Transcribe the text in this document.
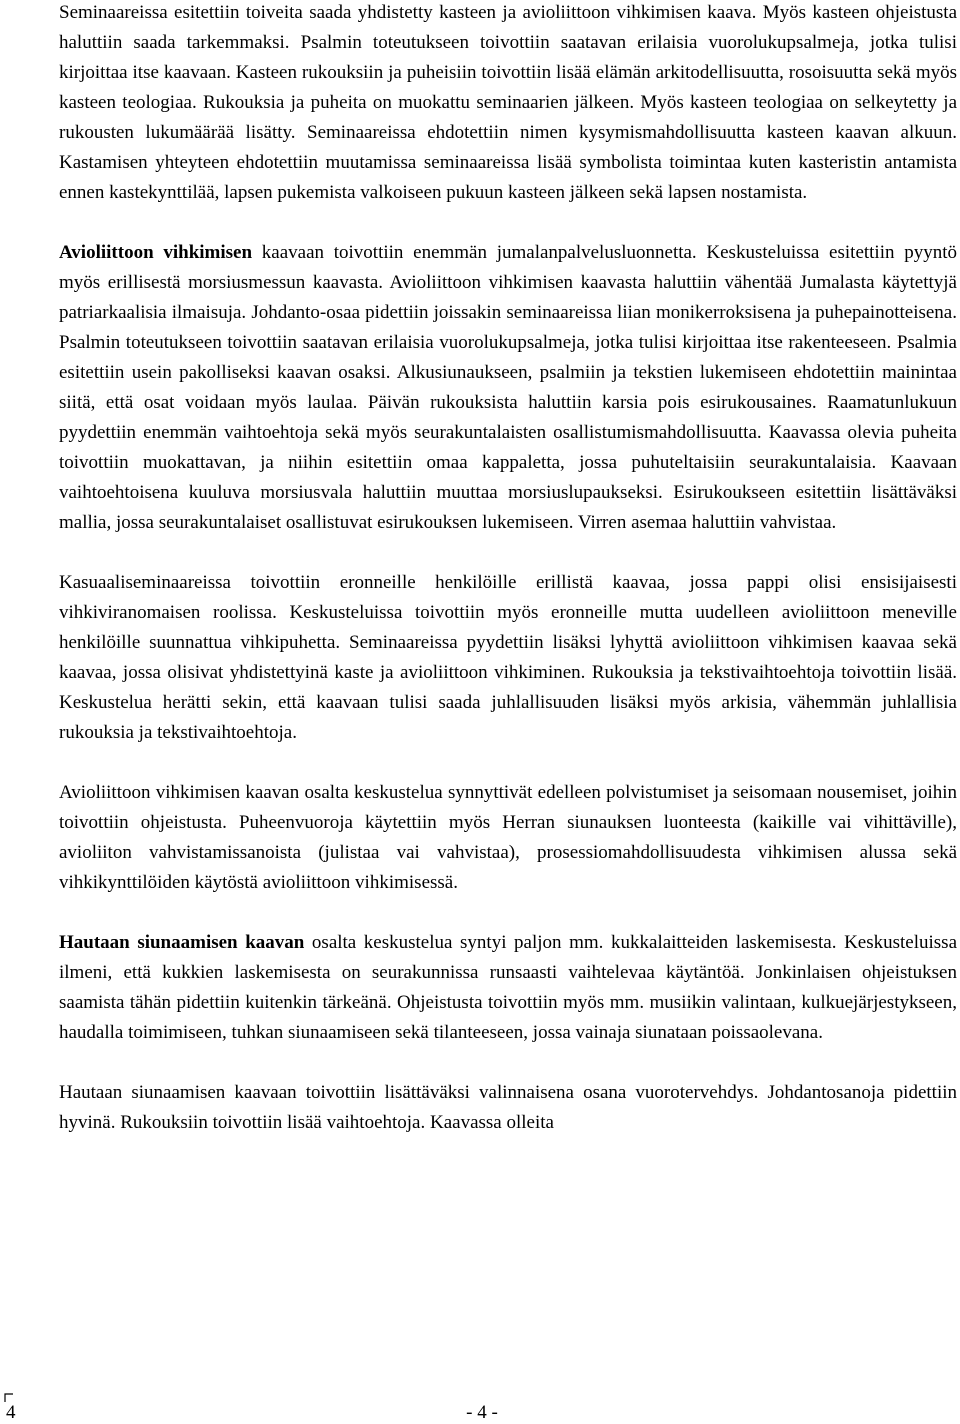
Seminaareissa esitettiin toiveita saada yhdistetty kasteen ja avioliittoon vihkimisen kaava. Myös kasteen ohjeistusta haluttiin saada tarkemmaksi. Psalmin toteutukseen toivottiin saatavan erilaisia vuorolukupsalmeja, jotka tulisi kirjoittaa itse kaavaan. Kasteen rukouksiin ja puheisiin toivottiin lisää elämän arkitodellisuutta, rosoisuutta sekä myös kasteen teologiaa. Rukouksia ja puheita on muokattu seminaarien jälkeen. Myös kasteen teologiaa on selkeytetty ja rukousten lukumäärää lisätty. Seminaareissa ehdotettiin nimen kysymismahdollisuutta kasteen kaavan alkuun. Kastamisen yhteyteen ehdotettiin muutamissa seminaareissa lisää symbolista toimintaa kuten kasteristin antamista ennen kastekynttilää, lapsen pukemista valkoiseen pukuun kasteen jälkeen sekä lapsen nostamista.

Avioliittoon vihkimisen kaavaan toivottiin enemmän jumalanpalvelusluonnetta. Keskusteluissa esitettiin pyyntö myös erillisestä morsiusmessun kaavasta. Avioliittoon vihkimisen kaavasta haluttiin vähentää Jumalasta käytettyjä patriarkaalisia ilmaisuja. Johdanto-osaa pidettiin joissakin seminaareissa liian monikerroksisena ja puhepainotteisena. Psalmin toteutukseen toivottiin saatavan erilaisia vuorolukupsalmeja, jotka tulisi kirjoittaa itse rakenteeseen. Psalmia esitettiin usein pakolliseksi kaavan osaksi. Alkusiunaukseen, psalmiin ja tekstien lukemiseen ehdotettiin mainintaa siitä, että osat voidaan myös laulaa. Päivän rukouksista haluttiin karsia pois esirukousaines. Raamatunlukuun pyydettiin enemmän vaihtoehtoja sekä myös seurakuntalaisten osallistumismahdollisuutta. Kaavassa olevia puheita toivottiin muokattavan, ja niihin esitettiin omaa kappaletta, jossa puhuteltaisiin seurakuntalaisia. Kaavaan vaihtoehtoisena kuuluva morsiusvala haluttiin muuttaa morsiuslupaukseksi. Esirukoukseen esitettiin lisättäväksi mallia, jossa seurakuntalaiset osallistuvat esirukouksen lukemiseen. Virren asemaa haluttiin vahvistaa.

Kasuaaliseminaareissa toivottiin eronneille henkilöille erillistä kaavaa, jossa pappi olisi ensisijaisesti vihkiviranomaisen roolissa. Keskusteluissa toivottiin myös eronneille mutta uudelleen avioliittoon meneville henkilöille suunnattua vihkipuhetta. Seminaareissa pyydettiin lisäksi lyhyttä avioliittoon vihkimisen kaavaa sekä kaavaa, jossa olisivat yhdistettyinä kaste ja avioliittoon vihkiminen. Rukouksia ja tekstivaihtoehtoja toivottiin lisää. Keskustelua herätti sekin, että kaavaan tulisi saada juhlallisuuden lisäksi myös arkisia, vähemmän juhlallisia rukouksia ja tekstivaihtoehtoja.

Avioliittoon vihkimisen kaavan osalta keskustelua synnyttivät edelleen polvistumiset ja seisomaan nousemiset, joihin toivottiin ohjeistusta. Puheenvuoroja käytettiin myös Herran siunauksen luonteesta (kaikille vai vihittäville), avioliiton vahvistamissanoista (julistaa vai vahvistaa), prosessiomahdollisuudesta vihkimisen alussa sekä vihkikynttilöiden käytöstä avioliittoon vihkimisessä.

Hautaan siunaamisen kaavan osalta keskustelua syntyi paljon mm. kukkalaitteiden laskemisesta. Keskusteluissa ilmeni, että kukkien laskemisesta on seurakunnissa runsaasti vaihtelevaa käytäntöä. Jonkinlaisen ohjeistuksen saamista tähän pidettiin kuitenkin tärkeänä. Ohjeistusta toivottiin myös mm. musiikin valintaan, kulkuejärjestykseen, haudalla toimimiseen, tuhkan siunaamiseen sekä tilanteeseen, jossa vainaja siunataan poissaolevana.

Hautaan siunaamisen kaavaan toivottiin lisättäväksi valinnaisena osana vuorotervehdys. Johdantosanoja pidettiin hyvinä. Rukouksiin toivottiin lisää vaihtoehtoja. Kaavassa olleita

4	- 4 -
